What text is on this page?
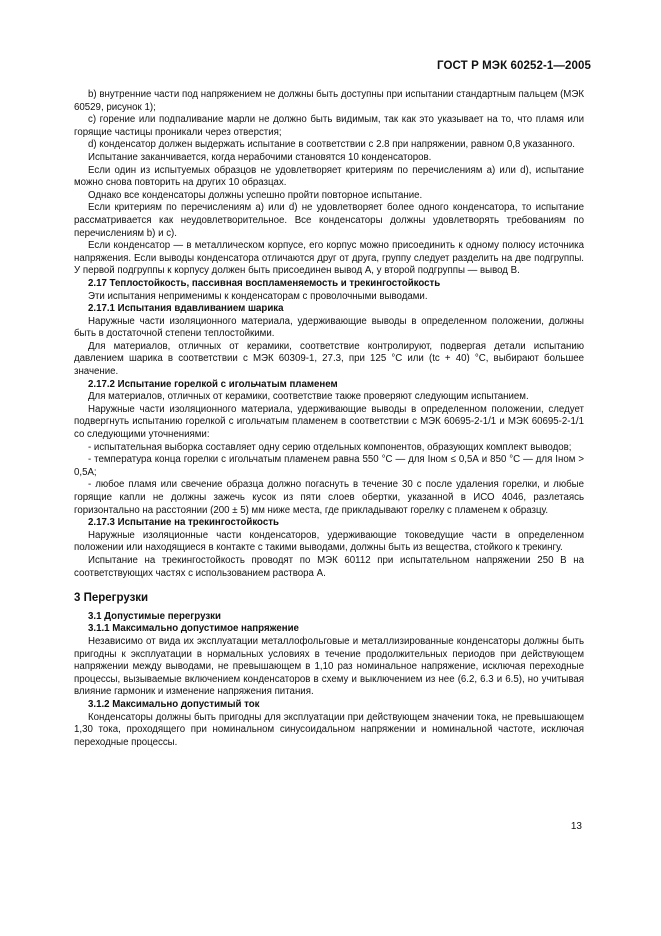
ГОСТ Р МЭК 60252-1—2005

b) внутренние части под напряжением не должны быть доступны при испытании стандартным пальцем (МЭК 60529, рисунок 1);

c) горение или подпаливание марли не должно быть видимым, так как это указывает на то, что пламя или горящие частицы проникали через отверстия;

d) конденсатор должен выдержать испытание в соответствии с 2.8 при напряжении, равном 0,8 указанного.

Испытание заканчивается, когда нерабочими становятся 10 конденсаторов.

Если один из испытуемых образцов не удовлетворяет критериям по перечислениям a) или d), испытание можно снова повторить на других 10 образцах.

Однако все конденсаторы должны успешно пройти повторное испытание.

Если критериям по перечислениям a) или d) не удовлетворяет более одного конденсатора, то испытание рассматривается как неудовлетворительное. Все конденсаторы должны удовлетворять требованиям по перечислениям b) и c).

Если конденсатор — в металлическом корпусе, его корпус можно присоединить к одному полюсу источника напряжения. Если выводы конденсатора отличаются друг от друга, группу следует разделить на две подгруппы. У первой подгруппы к корпусу должен быть присоединен вывод A, у второй подгруппы — вывод B.

2.17 Теплостойкость, пассивная воспламеняемость и трекингостойкость

Эти испытания неприменимы к конденсаторам с проволочными выводами.

2.17.1 Испытания вдавливанием шарика

Наружные части изоляционного материала, удерживающие выводы в определенном положении, должны быть в достаточной степени теплостойкими.

Для материалов, отличных от керамики, соответствие контролируют, подвергая детали испытанию давлением шарика в соответствии с МЭК 60309-1, 27.3, при 125 °С или (tс + 40) °С, выбирают большее значение.

2.17.2 Испытание горелкой с игольчатым пламенем

Для материалов, отличных от керамики, соответствие также проверяют следующим испытанием.

Наружные части изоляционного материала, удерживающие выводы в определенном положении, следует подвергнуть испытанию горелкой с игольчатым пламенем в соответствии с МЭК 60695-2-1/1 и МЭК 60695-2-1/1 со следующими уточнениями:

- испытательная выборка составляет одну серию отдельных компонентов, образующих комплект выводов;

- температура конца горелки с игольчатым пламенем равна 550 °С — для Iном ≤ 0,5А и 850 °С — для Iном > 0,5А;

- любое пламя или свечение образца должно погаснуть в течение 30 с после удаления горелки, и любые горящие капли не должны зажечь кусок из пяти слоев обертки, указанной в ИСО 4046, разлетаясь горизонтально на расстоянии (200 ± 5) мм ниже места, где прикладывают горелку с пламенем к образцу.

2.17.3 Испытание на трекингостойкость

Наружные изоляционные части конденсаторов, удерживающие токоведущие части в определенном положении или находящиеся в контакте с такими выводами, должны быть из вещества, стойкого к трекингу.

Испытание на трекингостойкость проводят по МЭК 60112 при испытательном напряжении 250 В на соответствующих частях с использованием раствора А.

3 Перегрузки

3.1 Допустимые перегрузки

3.1.1 Максимально допустимое напряжение

Независимо от вида их эксплуатации металлофольговые и металлизированные конденсаторы должны быть пригодны к эксплуатации в нормальных условиях в течение продолжительных периодов при действующем напряжении между выводами, не превышающем в 1,10 раз номинальное напряжение, исключая переходные процессы, вызываемые включением конденсаторов в схему и выключением из нее (6.2, 6.3 и 6.5), но учитывая влияние гармоник и изменение напряжения питания.

3.1.2 Максимально допустимый ток

Конденсаторы должны быть пригодны для эксплуатации при действующем значении тока, не превышающем 1,30 тока, проходящего при номинальном синусоидальном напряжении и номинальной частоте, исключая переходные процессы.

13
